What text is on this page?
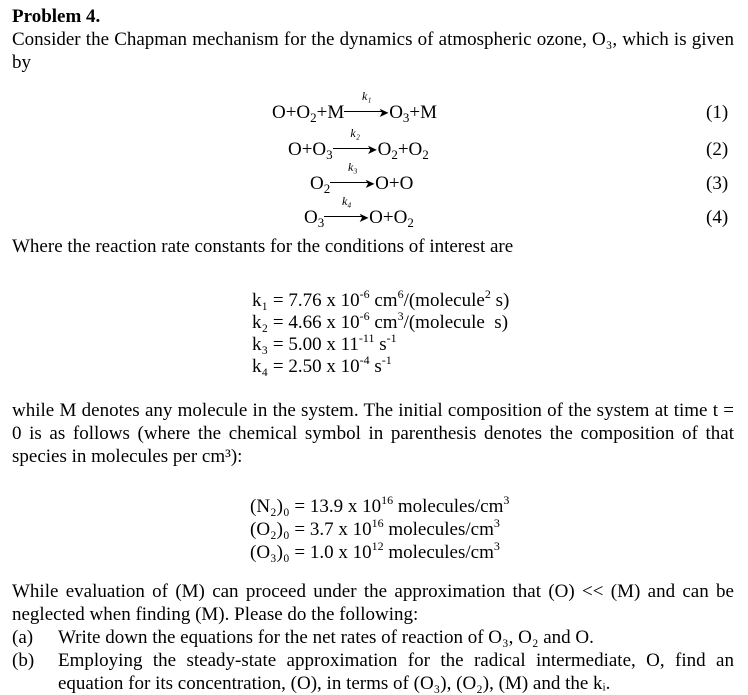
Problem 4.
Consider the Chapman mechanism for the dynamics of atmospheric ozone, O₃, which is given by
$O+O_2+M$
k₁
$➤O_3+M$	(1)
$O+O_3$
k₂
$➤O_2+O_2$	(2)
$O_2$
k₃
➤O+O	(3)
$O_3$
k₄
$➤O+O_2$	(4)
Where the reaction rate constants for the conditions of interest are
k₁ = 7.76 x $10^{-6}$ $cm^6/(molecule^2$ s)
k₂ = 4.66 x $10^{-6}$ $cm^3/(molecule$  s)
k₃ = 5.00 x $11^{-11}$ $s^{-1}$
k₄ = 2.50 x $10^{-4}$ $s^{-1}$
while M denotes any molecule in the system. The initial composition of the system at time t = 0 is as follows (where the chemical symbol in parenthesis denotes the composition of that species in molecules per cm³):
(N₂)₀ = 13.9 x $10^{16}$ molecules/$cm^3$
(O₂)₀ = 3.7 x $10^{16}$ molecules/$cm^3$
(O₃)₀ = 1.0 x $10^{12}$ molecules/$cm^3$
While evaluation of (M) can proceed under the approximation that (O) << (M) and can be neglected when finding (M). Please do the following:
(a) Write down the equations for the net rates of reaction of O₃, O₂ and O.
(b) Employing the steady-state approximation for the radical intermediate, O, find an equation for its concentration, (O), in terms of (O₃), (O₂), (M) and the kᵢ.
